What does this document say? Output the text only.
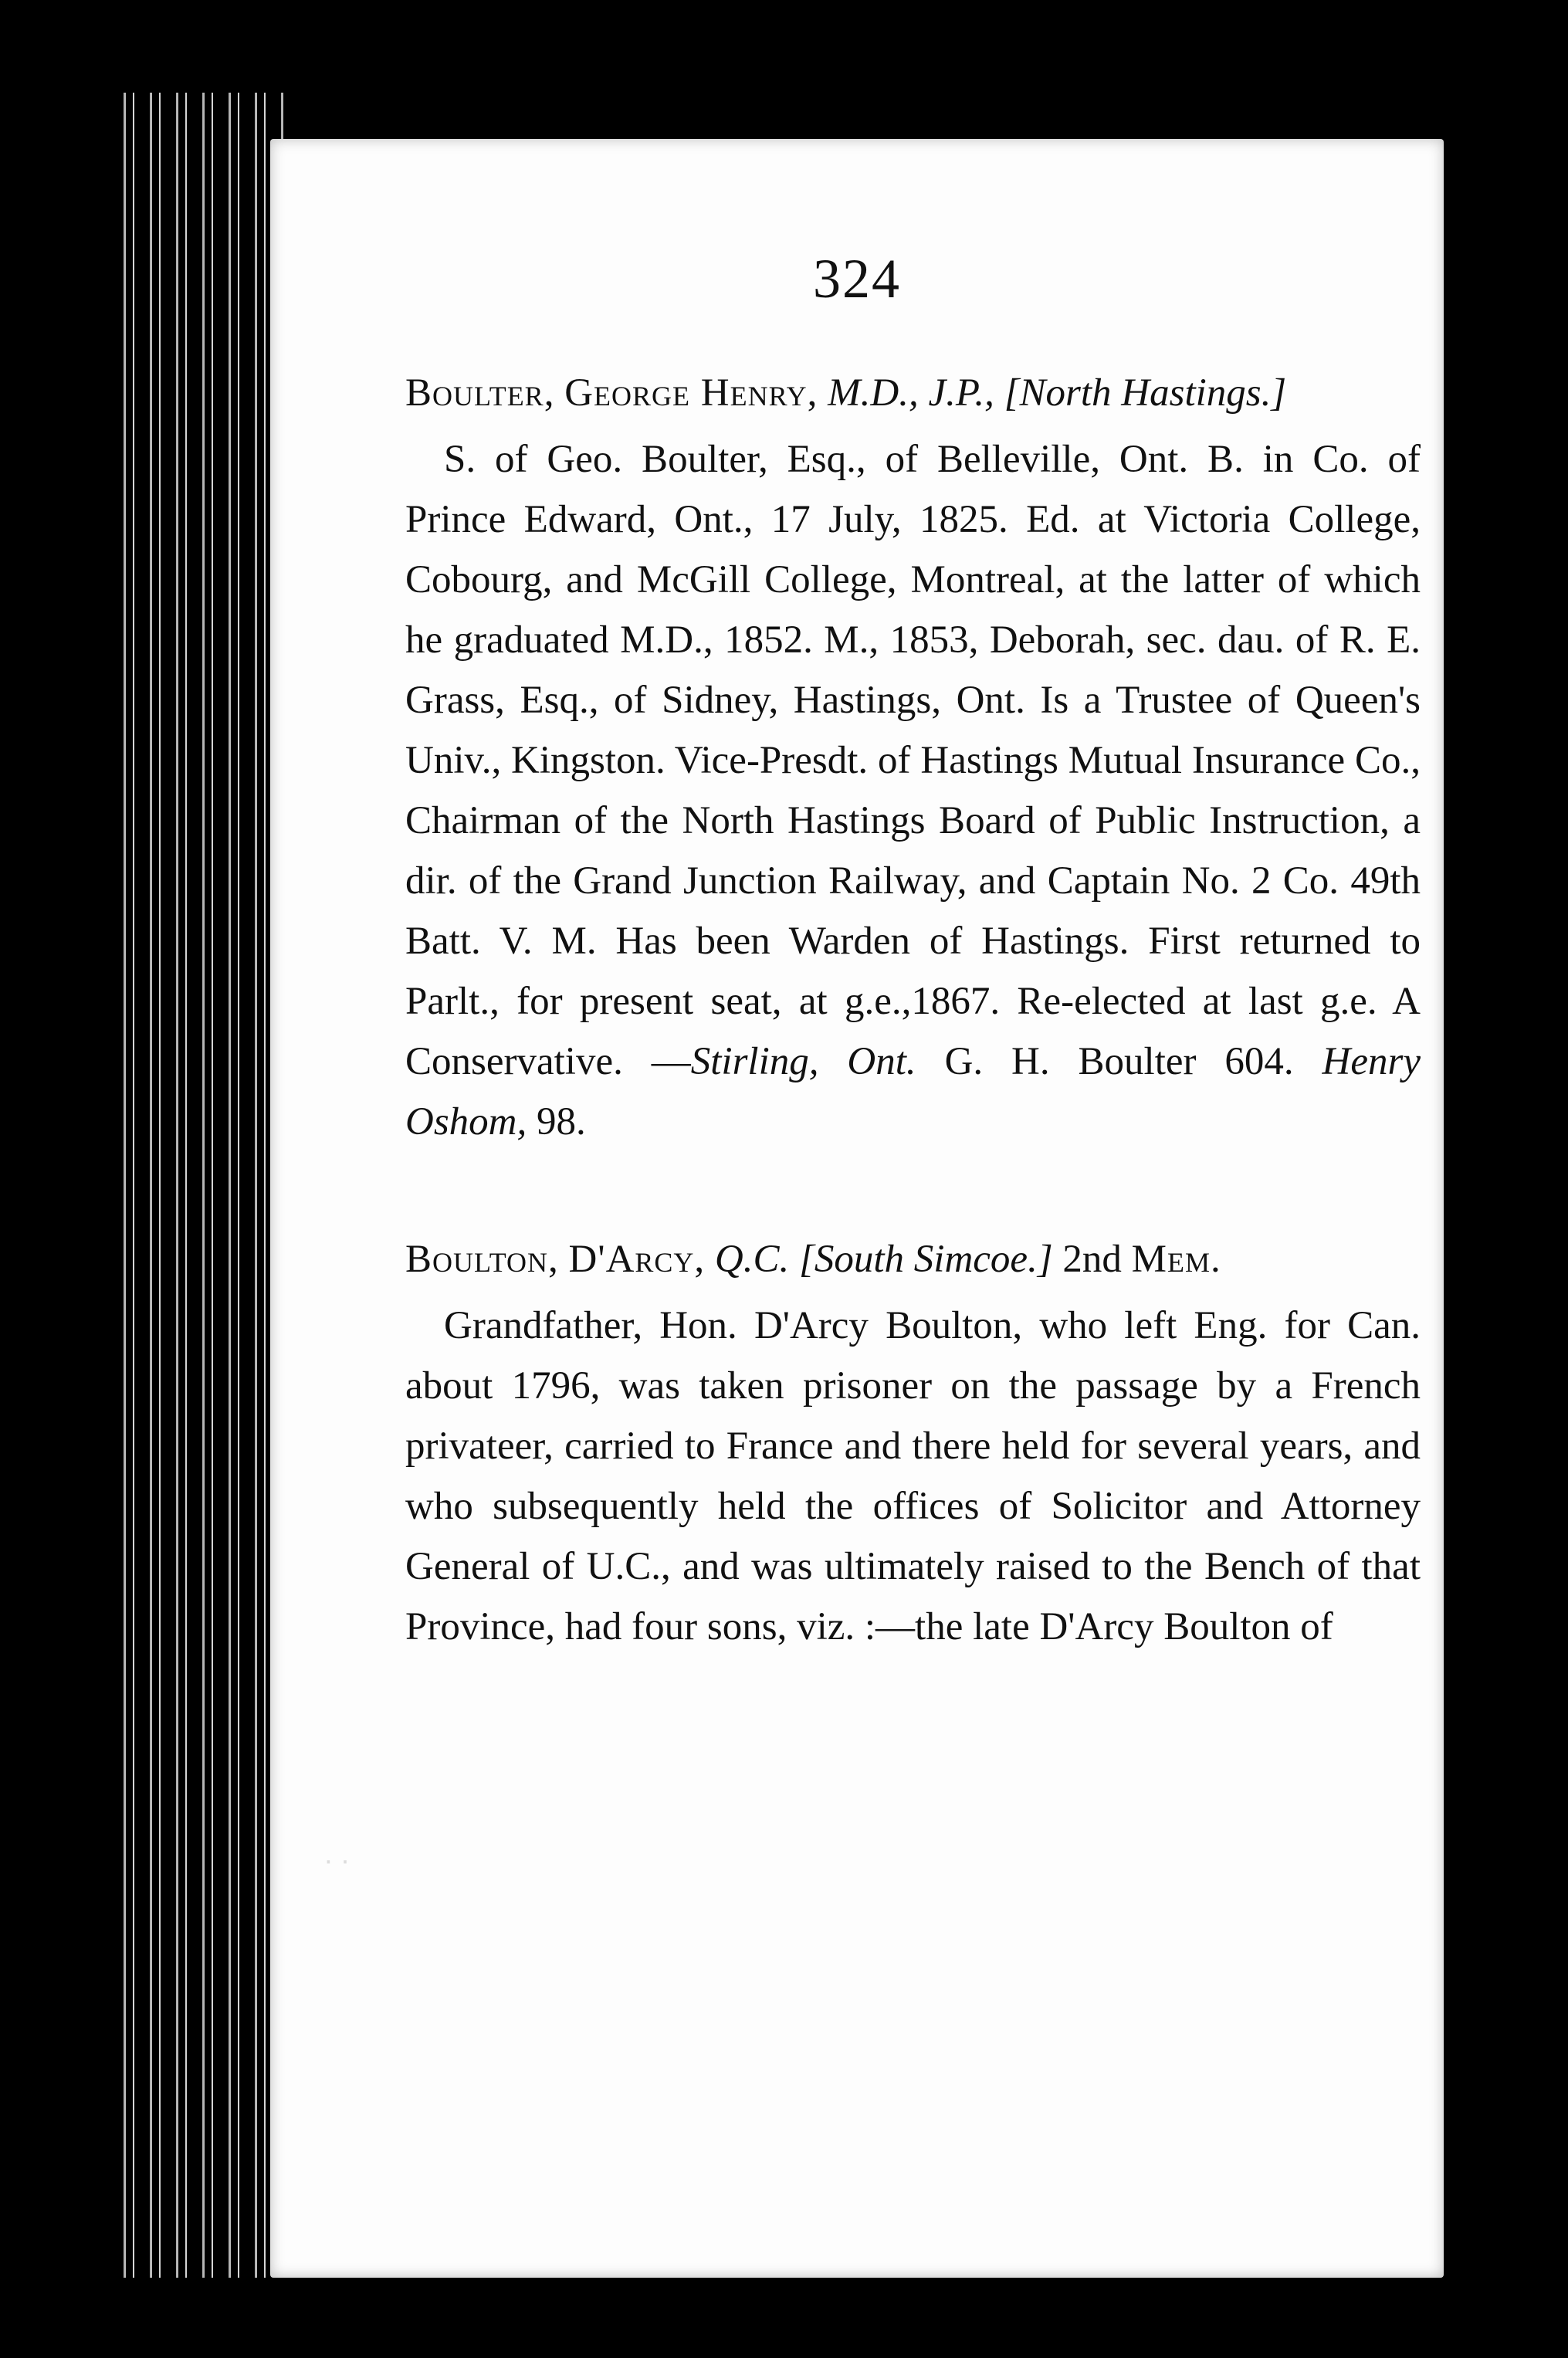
324

Boulter, George Henry, M.D., J.P., [North Hastings.]

S. of Geo. Boulter, Esq., of Belleville, Ont. B. in Co. of Prince Edward, Ont., 17 July, 1825. Ed. at Victoria College, Cobourg, and McGill College, Montreal, at the latter of which he graduated M.D., 1852. M., 1853, Deborah, sec. dau. of R. E. Grass, Esq., of Sidney, Hastings, Ont. Is a Trustee of Queen's Univ., Kingston. Vice-Presdt. of Hastings Mutual Insurance Co., Chairman of the North Hastings Board of Public Instruction, a dir. of the Grand Junction Railway, and Captain No. 2 Co. 49th Batt. V. M. Has been Warden of Hastings. First returned to Parlt., for present seat, at g.e.,1867. Re-elected at last g.e. A Conservative. —Stirling, Ont. G. H. Boulter 604. Henry Oshom, 98.

Boulton, D'Arcy, Q.C. [South Simcoe.] 2nd Mem.

Grandfather, Hon. D'Arcy Boulton, who left Eng. for Can. about 1796, was taken prisoner on the passage by a French privateer, carried to France and there held for several years, and who subsequently held the offices of Solicitor and Attorney General of U.C., and was ultimately raised to the Bench of that Province, had four sons, viz. :—the late D'Arcy Boulton of

· ·
